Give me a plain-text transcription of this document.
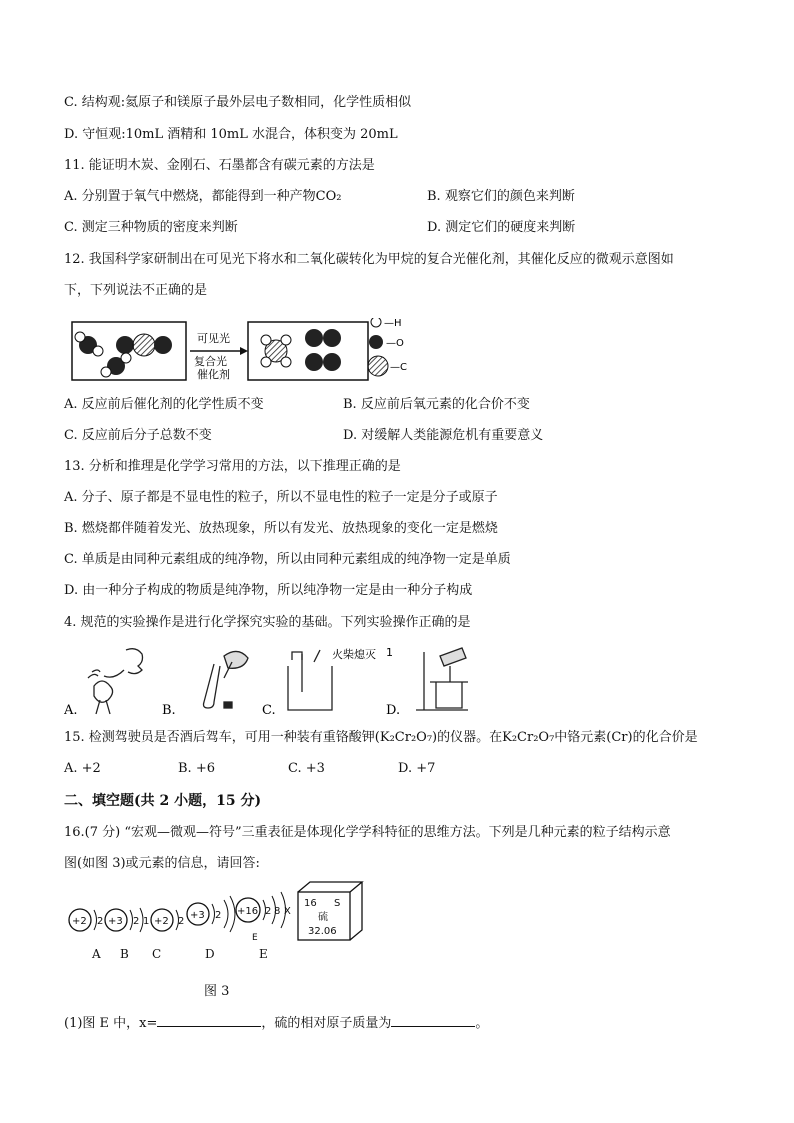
C. 结构观:氦原子和镁原子最外层电子数相同，化学性质相似
D. 守恒观:10mL 酒精和 10mL 水混合，体积变为 20mL
11. 能证明木炭、金刚石、石墨都含有碳元素的方法是
A. 分别置于氧气中燃烧，都能得到一种产物CO₂	B. 观察它们的颜色来判断
C. 测定三种物质的密度来判断	D. 测定它们的硬度来判断
12. 我国科学家研制出在可见光下将水和二氧化碳转化为甲烷的复合光催化剂，其催化反应的微观示意图如
下，下列说法不正确的是
可见光
复合光
催化剂
—H
—O
—C
A. 反应前后催化剂的化学性质不变	B. 反应前后氧元素的化合价不变
C. 反应前后分子总数不变	D. 对缓解人类能源危机有重要意义
13. 分析和推理是化学学习常用的方法，以下推理正确的是
A. 分子、原子都是不显电性的粒子，所以不显电性的粒子一定是分子或原子
B. 燃烧都伴随着发光、放热现象，所以有发光、放热现象的变化一定是燃烧
C. 单质是由同种元素组成的纯净物，所以由同种元素组成的纯净物一定是单质
D. 由一种分子构成的物质是纯净物，所以纯净物一定是由一种分子构成
4. 规范的实验操作是进行化学探究实验的基础。下列实验操作正确的是
A.	B.
火柴熄灭 1
C.	D.
15. 检测驾驶员是否酒后驾车，可用一种装有重铬酸钾(K₂Cr₂O₇)的仪器。在K₂Cr₂O₇中铬元素(Cr)的化合价是
A. +2	B. +6	C. +3	D. +7
二、填空题(共 2 小题，15 分)
16.(7 分) “宏观—微观—符号”三重表征是体现化学学科特征的思维方法。下列是几种元素的粒子结构示意
图(如图 3)或元素的信息，请回答:
+2 2 +3 2 1 +2 2
+3 2 +16 2 8 X
16 S
硫
32.06
E
A B C	D	E
图 3
(1)图 E 中，x=	，硫的相对原子质量为	。
